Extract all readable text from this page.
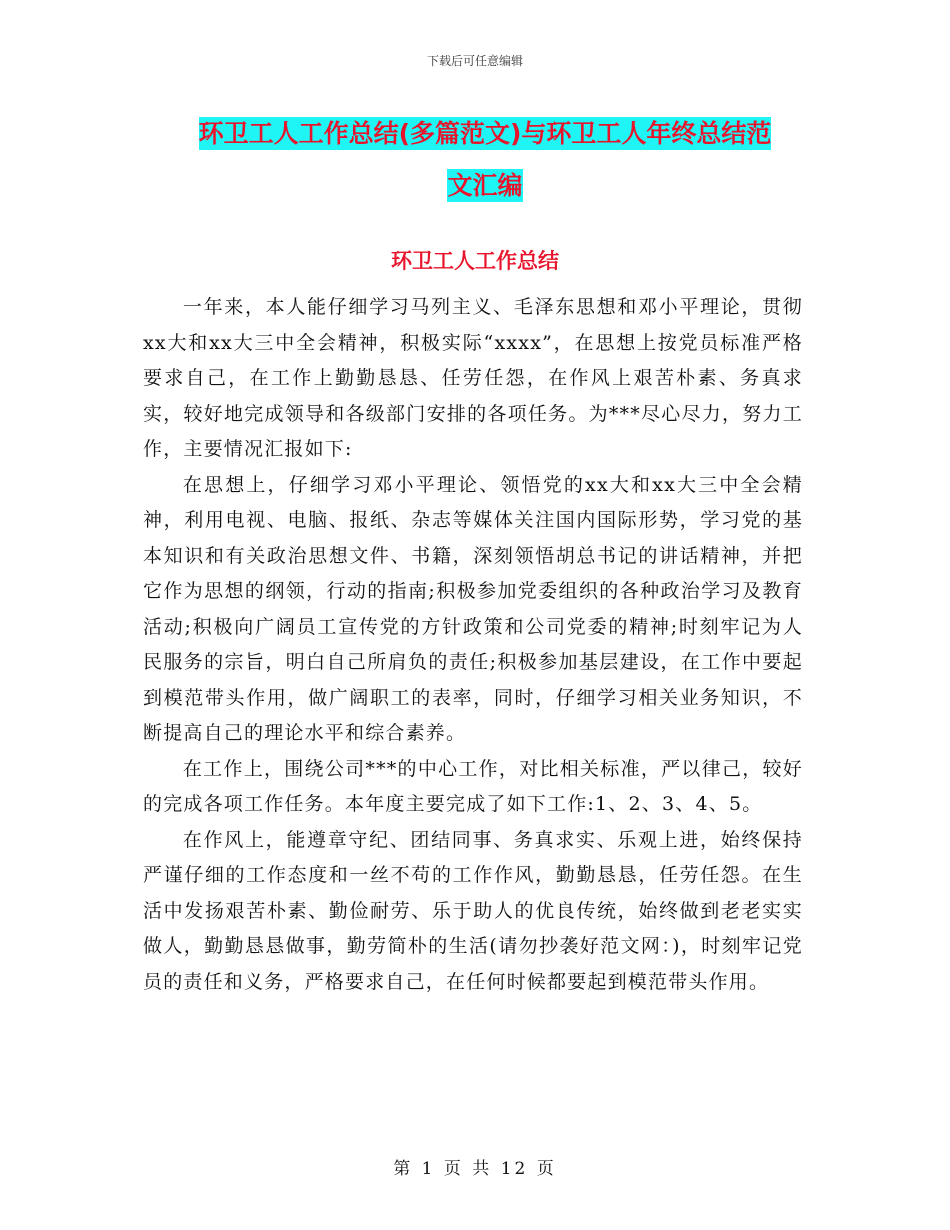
下载后可任意编辑
环卫工人工作总结(多篇范文)与环卫工人年终总结范
文汇编
环卫工人工作总结

一年来，本人能仔细学习马列主义、毛泽东思想和邓小平理论，贯彻xx大和xx大三中全会精神，积极实际“xxxx”，在思想上按党员标准严格要求自己，在工作上勤勤恳恳、任劳任怨，在作风上艰苦朴素、务真求实，较好地完成领导和各级部门安排的各项任务。为***尽心尽力，努力工作，主要情况汇报如下:

在思想上，仔细学习邓小平理论、领悟党的xx大和xx大三中全会精神，利用电视、电脑、报纸、杂志等媒体关注国内国际形势，学习党的基本知识和有关政治思想文件、书籍，深刻领悟胡总书记的讲话精神，并把它作为思想的纲领，行动的指南;积极参加党委组织的各种政治学习及教育活动;积极向广阔员工宣传党的方针政策和公司党委的精神;时刻牢记为人民服务的宗旨，明白自己所肩负的责任;积极参加基层建设，在工作中要起到模范带头作用，做广阔职工的表率，同时，仔细学习相关业务知识，不断提高自己的理论水平和综合素养。

在工作上，围绕公司***的中心工作，对比相关标准，严以律己，较好的完成各项工作任务。本年度主要完成了如下工作:1、2、3、4、5。

在作风上，能遵章守纪、团结同事、务真求实、乐观上进，始终保持严谨仔细的工作态度和一丝不苟的工作作风，勤勤恳恳，任劳任怨。在生活中发扬艰苦朴素、勤俭耐劳、乐于助人的优良传统，始终做到老老实实做人，勤勤恳恳做事，勤劳简朴的生活(请勿抄袭好范文网：)，时刻牢记党员的责任和义务，严格要求自己，在任何时候都要起到模范带头作用。

第 1 页 共 12 页
